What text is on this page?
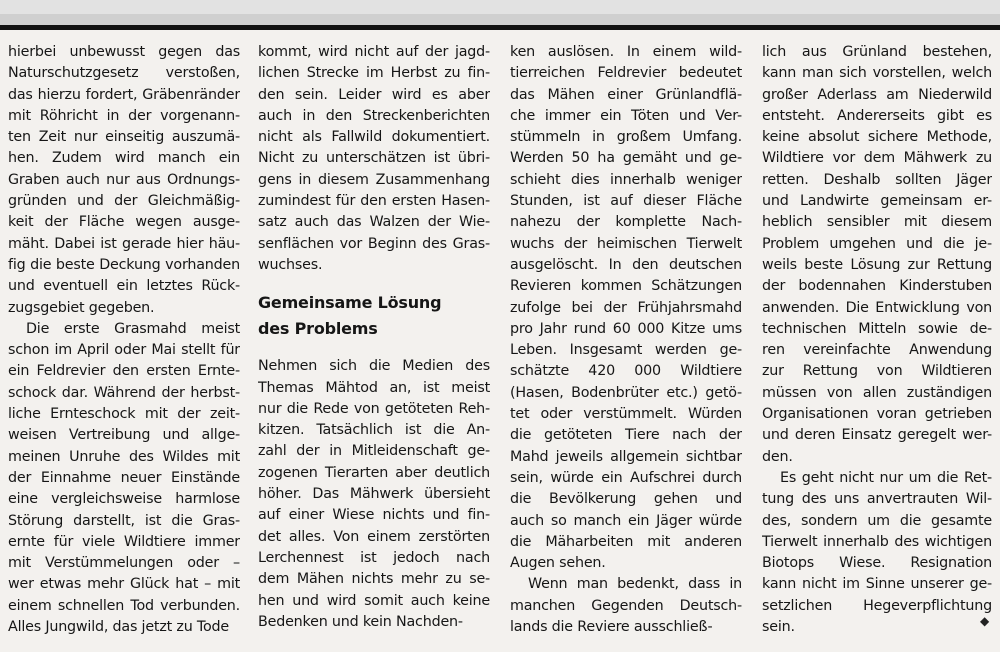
hierbei unbewusst gegen das
Naturschutzgesetz verstoßen,
das hierzu fordert, Gräbenränder
mit Röhricht in der vorgenann-
ten Zeit nur einseitig auszumä-
hen. Zudem wird manch ein
Graben auch nur aus Ordnungs-
gründen und der Gleichmäßig-
keit der Fläche wegen ausge-
mäht. Dabei ist gerade hier häu-
fig die beste Deckung vorhanden
und eventuell ein letztes Rück-
zugsgebiet gegeben.
Die erste Grasmahd meist
schon im April oder Mai stellt für
ein Feldrevier den ersten Ernte-
schock dar. Während der herbst-
liche Ernteschock mit der zeit-
weisen Vertreibung und allge-
meinen Unruhe des Wildes mit
der Einnahme neuer Einstände
eine vergleichsweise harmlose
Störung darstellt, ist die Gras-
ernte für viele Wildtiere immer
mit Verstümmelungen oder –
wer etwas mehr Glück hat – mit
einem schnellen Tod verbunden.
Alles Jungwild, das jetzt zu Tode
kommt, wird nicht auf der jagd-
lichen Strecke im Herbst zu fin-
den sein. Leider wird es aber
auch in den Streckenberichten
nicht als Fallwild dokumentiert.
Nicht zu unterschätzen ist übri-
gens in diesem Zusammenhang
zumindest für den ersten Hasen-
satz auch das Walzen der Wie-
senflächen vor Beginn des Gras-
wuchses.
Gemeinsame Lösung
des Problems
Nehmen sich die Medien des
Themas Mähtod an, ist meist
nur die Rede von getöteten Reh-
kitzen. Tatsächlich ist die An-
zahl der in Mitleidenschaft ge-
zogenen Tierarten aber deutlich
höher. Das Mähwerk übersieht
auf einer Wiese nichts und fin-
det alles. Von einem zerstörten
Lerchennest ist jedoch nach
dem Mähen nichts mehr zu se-
hen und wird somit auch keine
Bedenken und kein Nachden-
ken auslösen. In einem wild-
tierreichen Feldrevier bedeutet
das Mähen einer Grünlandflä-
che immer ein Töten und Ver-
stümmeln in großem Umfang.
Werden 50 ha gemäht und ge-
schieht dies innerhalb weniger
Stunden, ist auf dieser Fläche
nahezu der komplette Nach-
wuchs der heimischen Tierwelt
ausgelöscht. In den deutschen
Revieren kommen Schätzungen
zufolge bei der Frühjahrsmahd
pro Jahr rund 60 000 Kitze ums
Leben. Insgesamt werden ge-
schätzte 420 000 Wildtiere
(Hasen, Bodenbrüter etc.) getö-
tet oder verstümmelt. Würden
die getöteten Tiere nach der
Mahd jeweils allgemein sichtbar
sein, würde ein Aufschrei durch
die Bevölkerung gehen und
auch so manch ein Jäger würde
die Mäharbeiten mit anderen
Augen sehen.
Wenn man bedenkt, dass in
manchen Gegenden Deutsch-
lands die Reviere ausschließ-
lich aus Grünland bestehen,
kann man sich vorstellen, welch
großer Aderlass am Niederwild
entsteht. Andererseits gibt es
keine absolut sichere Methode,
Wildtiere vor dem Mähwerk zu
retten. Deshalb sollten Jäger
und Landwirte gemeinsam er-
heblich sensibler mit diesem
Problem umgehen und die je-
weils beste Lösung zur Rettung
der bodennahen Kinderstuben
anwenden. Die Entwicklung von
technischen Mitteln sowie de-
ren vereinfachte Anwendung
zur Rettung von Wildtieren
müssen von allen zuständigen
Organisationen voran getrieben
und deren Einsatz geregelt wer-
den.
Es geht nicht nur um die Ret-
tung des uns anvertrauten Wil-
des, sondern um die gesamte
Tierwelt innerhalb des wichtigen
Biotops Wiese. Resignation
kann nicht im Sinne unserer ge-
setzlichen Hegeverpflichtung
sein.	◆
